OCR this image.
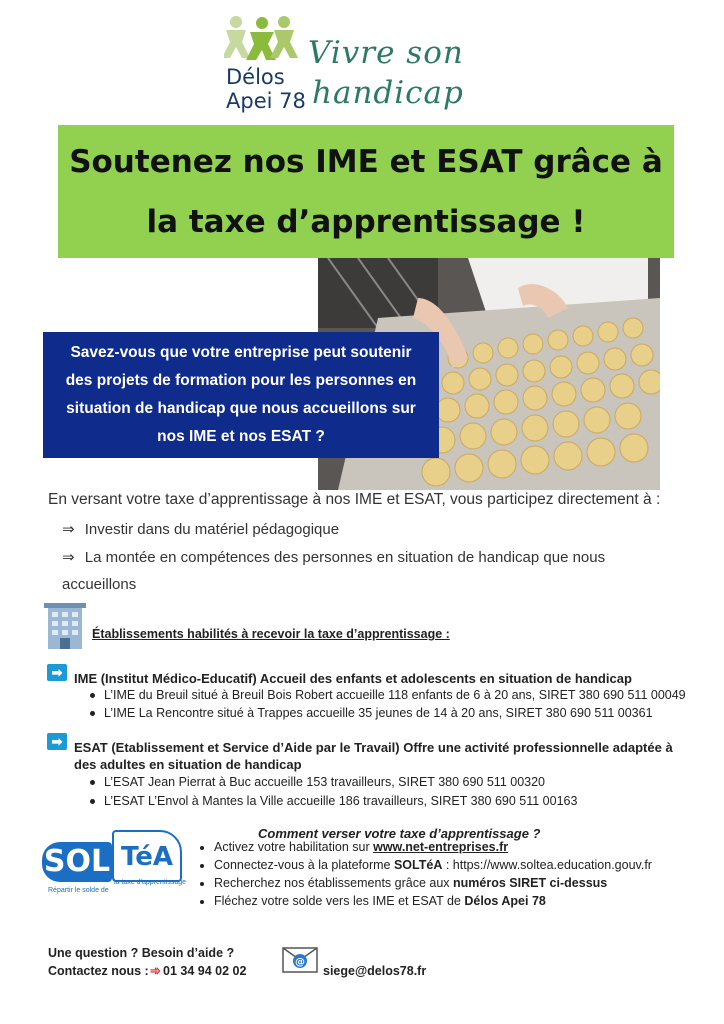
Délos
Apei 78
Vivre son
handicap
Soutenez nos IME et ESAT grâce à
la taxe d’apprentissage !
Savez-vous que votre entreprise peut soutenir
des projets de formation pour les personnes en
situation de handicap que nous accueillons sur
nos IME et nos ESAT ?
En versant votre taxe d’apprentissage à nos IME et ESAT, vous participez directement à :
⇒ Investir dans du matériel pédagogique
⇒ La montée en compétences des personnes en situation de handicap que nous
accueillons
Établissements habilités à recevoir la taxe d’apprentissage :
➡ IME (Institut Médico-Educatif) Accueil des enfants et adolescents en situation de handicap
L’IME du Breuil situé à Breuil Bois Robert accueille 118 enfants de 6 à 20 ans, SIRET 380 690 511 00049
L’IME La Rencontre situé à Trappes accueille 35 jeunes de 14 à 20 ans, SIRET 380 690 511 00361
➡ ESAT (Etablissement et Service d’Aide par le Travail) Offre une activité professionnelle adaptée à
des adultes en situation de handicap
L’ESAT Jean Pierrat à Buc accueille 153 travailleurs, SIRET 380 690 511 00320
L’ESAT L’Envol à Mantes la Ville accueille 186 travailleurs, SIRET 380 690 511 00163
SOL TéA
Répartir le solde de
la taxe d’apprentissage
Comment verser votre taxe d’apprentissage ?
• Activez votre habilitation sur www.net-entreprises.fr
• Connectez-vous à la plateforme SOLTéA : https://www.soltea.education.gouv.fr
• Recherchez nos établissements grâce aux numéros SIRET ci-dessus
• Fléchez votre solde vers les IME et ESAT de Délos Apei 78
Une question ? Besoin d’aide ?
Contactez nous : ➾ 01 34 94 02 02
@
siege@delos78.fr
